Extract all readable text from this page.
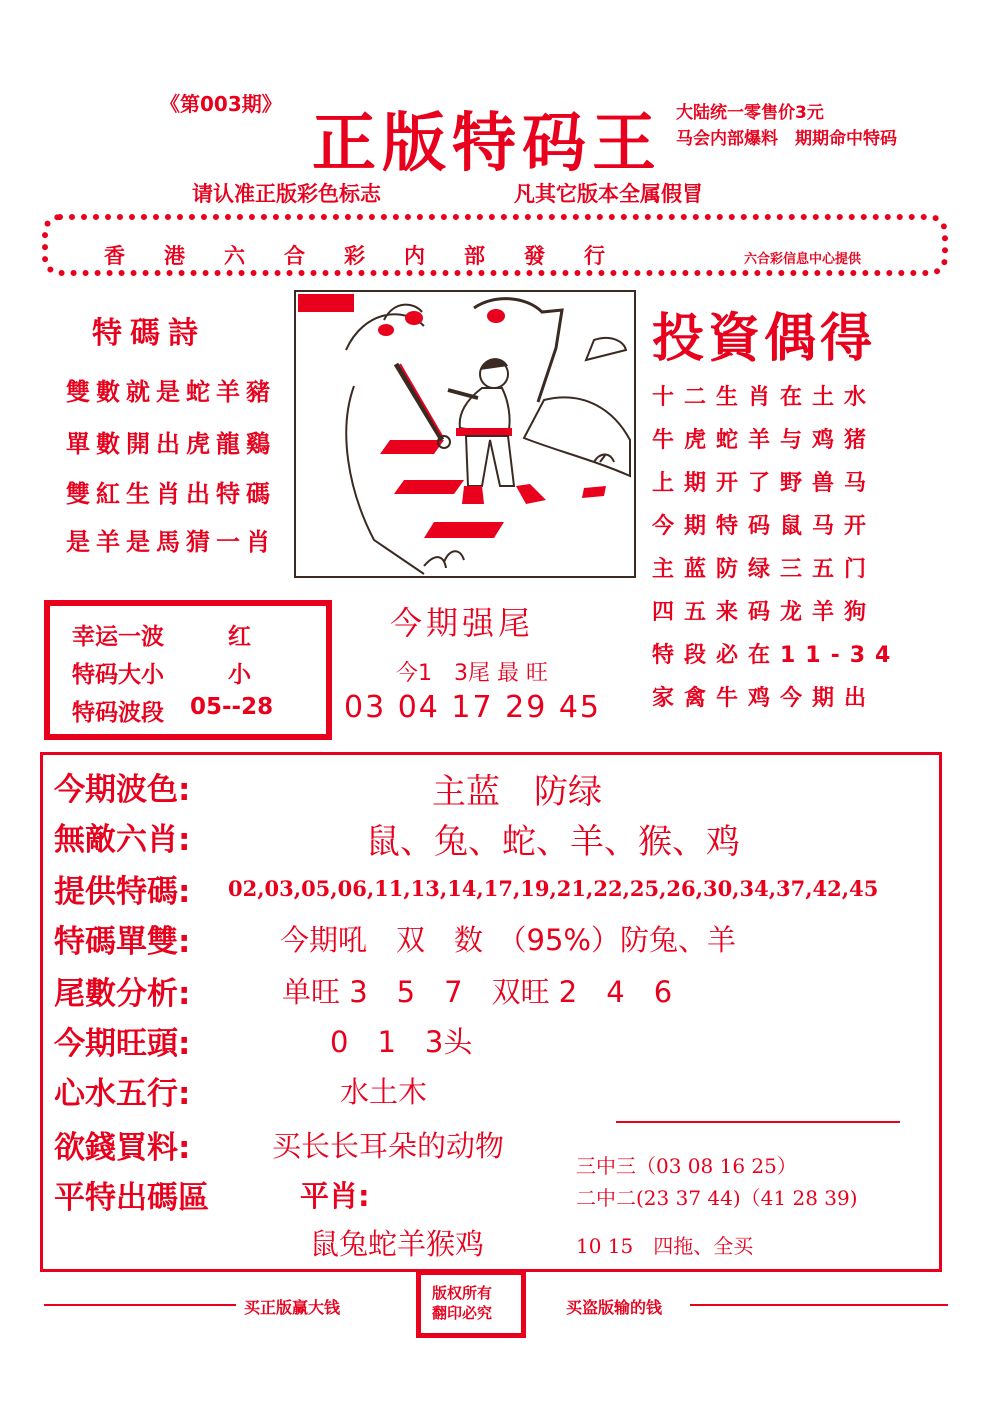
《第003期》
正版特码王 大陆统一零售价3元
马会内部爆料　期期命中特码
请认准正版彩色标志	凡其它版本全属假冒
香港六合彩内部發行	六合彩信息中心提供
特碼詩
雙數就是蛇羊豬
單數開出虎龍鷄
雙紅生肖出特碼
是羊是馬猜一肖
投資偶得
十二生肖在土水
牛虎蛇羊与鸡猪
上期开了野兽马
今期特码鼠马开
主蓝防绿三五门
四五来码龙羊狗
特段必在11-34
家禽牛鸡今期出
幸运一波	红
特码大小	小
特码波段 05--28
今期强尾
今1　3尾 最 旺
03 04 17 29 45
今期波色:	主蓝　防绿
無敵六肖:	鼠、兔、蛇、羊、猴、鸡
提供特碼: 02,03,05,06,11,13,14,17,19,21,22,25,26,30,34,37,42,45
特碼單雙:	今期吼　双　数　（95%）防兔、羊
尾數分析:	单旺 3　5　7　双旺 2　4　6
今期旺頭:	0　1　3头
心水五行:	水土木
欲錢買料:	买长长耳朵的动物
平特出碼區	平肖:
鼠兔蛇羊猴鸡
三中三（03 08 16 25）
二中二(23 37 44)（41 28 39)
10 15　四拖、全买
买正版赢大钱
版权所有
翻印必究	买盗版输的钱
